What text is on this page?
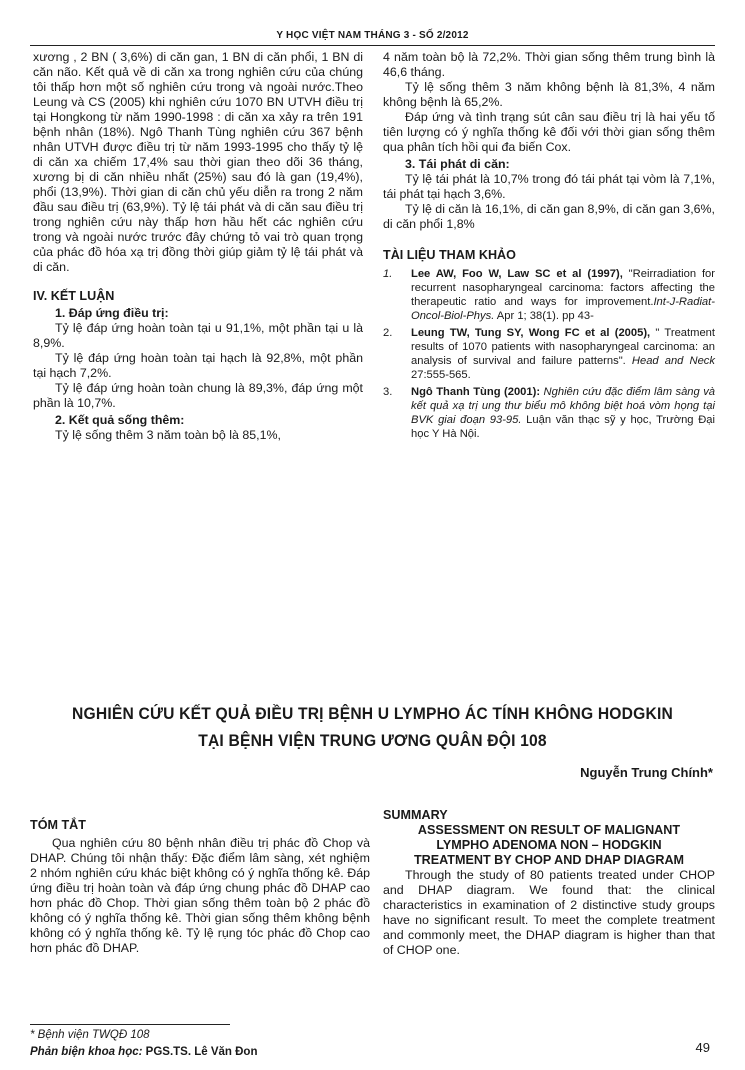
Y HỌC VIỆT NAM THÁNG 3 - SỐ 2/2012

xương , 2 BN ( 3,6%) di căn gan, 1 BN di căn phổi, 1 BN di căn não. Kết quả về di căn xa trong nghiên cứu của chúng tôi thấp hơn một số nghiên cứu trong và ngoài nước.Theo Leung và CS (2005) khi nghiên cứu 1070 BN UTVH điều trị tại Hongkong từ năm 1990-1998 : di căn xa xảy ra trên 191 bệnh nhân (18%). Ngô Thanh Tùng nghiên cứu 367 bệnh nhân UTVH được điều trị từ năm 1993-1995 cho thấy tỷ lệ di căn xa chiếm 17,4% sau thời gian theo dõi 36 tháng, xương bị di căn nhiều nhất (25%) sau đó là gan (19,4%), phổi (13,9%). Thời gian di căn chủ yếu diễn ra trong 2 năm đầu sau điều trị (63,9%). Tỷ lệ tái phát và di căn sau điều trị trong nghiên cứu này thấp hơn hầu hết các nghiên cứu trong và ngoài nước trước đây chứng tỏ vai trò quan trọng của phác đồ hóa xạ trị đồng thời giúp giảm tỷ lệ tái phát và di căn.

IV. KẾT LUẬN
1. Đáp ứng điều trị:

Tỷ lệ đáp ứng hoàn toàn tại u 91,1%, một phần tại u là 8,9%.

Tỷ lệ đáp ứng hoàn toàn tại hạch là 92,8%, một phần tại hạch 7,2%.

Tỷ lệ đáp ứng hoàn toàn chung là 89,3%, đáp ứng một phần là 10,7%.

2. Kết quả sống thêm:

Tỷ lệ sống thêm 3 năm toàn bộ là 85,1%,

4 năm toàn bộ là 72,2%. Thời gian sống thêm trung bình là 46,6 tháng.

Tỷ lệ sống thêm 3 năm không bệnh là 81,3%, 4 năm không bệnh là 65,2%.

Đáp ứng và tình trạng sút cân sau điều trị là hai yếu tố tiên lượng có ý nghĩa thống kê đối với thời gian sống thêm qua phân tích hồi qui đa biến Cox.

3. Tái phát di căn:

Tỷ lệ tái phát là 10,7% trong đó tái phát tại vòm là 7,1%, tái phát tại hạch 3,6%.

Tỷ lệ di căn là 16,1%, di căn gan 8,9%, di căn gan 3,6%, di căn phổi 1,8%

TÀI LIỆU THAM KHẢO
1.	Lee AW, Foo W, Law SC et al (1997), "Reirradiation for recurrent nasopharyngeal carcinoma: factors affecting the therapeutic ratio and ways for improvement.Int-J-Radiat-Oncol-Biol-Phys. Apr 1; 38(1). pp 43-
2.	Leung TW, Tung SY, Wong FC et al (2005), " Treatment results of 1070 patients with nasopharyngeal carcinoma: an analysis of survival and failure patterns". Head and Neck 27:555-565.
3.	Ngô Thanh Tùng (2001): Nghiên cứu đặc điểm lâm sàng và kết quả xạ trị ung thư biểu mô không biệt hoá vòm họng tại BVK giai đoạn 93-95. Luận văn thạc sỹ y học, Trường Đại học Y Hà Nội.
NGHIÊN CỨU KẾT QUẢ ĐIỀU TRỊ BỆNH U LYMPHO ÁC TÍNH KHÔNG HODGKIN
TẠI BỆNH VIỆN TRUNG ƯƠNG QUÂN ĐỘI 108
Nguyễn Trung Chính*
TÓM TẮT

Qua nghiên cứu 80 bệnh nhân điều trị phác đồ Chop và DHAP. Chúng tôi nhận thấy: Đặc điểm lâm sàng, xét nghiệm 2 nhóm nghiên cứu khác biệt không có ý nghĩa thống kê. Đáp ứng điều trị hoàn toàn và đáp ứng chung phác đồ DHAP cao hơn phác đồ Chop. Thời gian sống thêm toàn bộ 2 phác đồ không có ý nghĩa thống kê. Thời gian sống thêm không bệnh không có ý nghĩa thống kê. Tỷ lệ rụng tóc phác đồ Chop cao hơn phác đồ DHAP.

SUMMARY
ASSESSMENT ON RESULT OF MALIGNANT
LYMPHO ADENOMA NON – HODGKIN
TREATMENT BY CHOP AND DHAP DIAGRAM

Through the study of 80 patients treated under CHOP and DHAP diagram. We found that: the clinical characteristics in examination of 2 distinctive study groups have no significant result. To meet the complete treatment and commonly meet, the DHAP diagram is higher than that of CHOP one.

* Bệnh viện TWQĐ 108
Phản biện khoa học: PGS.TS. Lê Văn Đon	49
